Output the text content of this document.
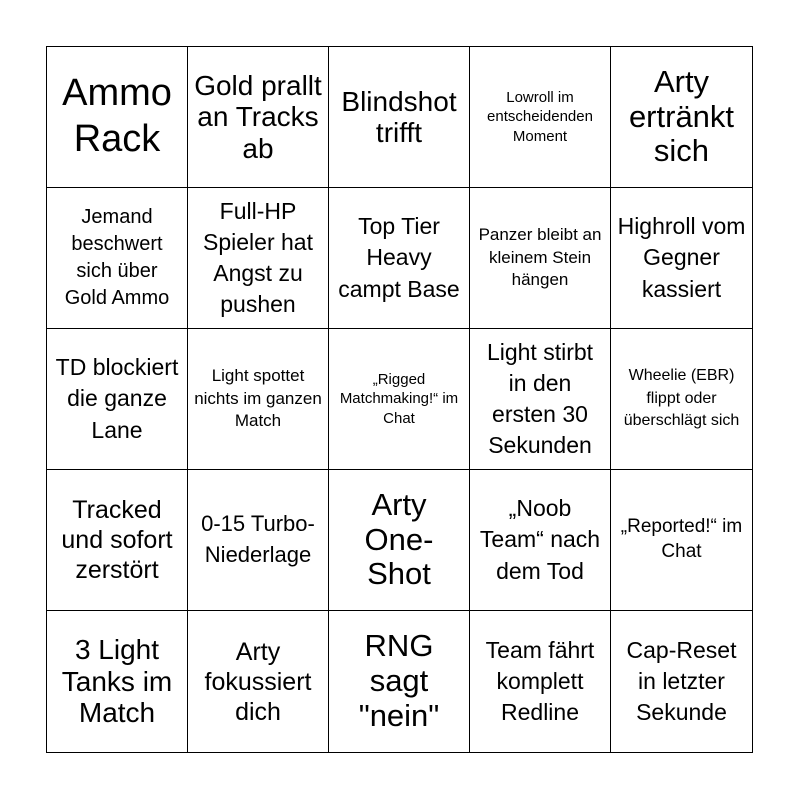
Ammo Rack
Gold prallt an Tracks ab
Blindshot trifft
Lowroll im entscheidenden Moment
Arty ertränkt sich
Jemand beschwert sich über Gold Ammo
Full-HP Spieler hat Angst zu pushen
Top Tier Heavy campt Base
Panzer bleibt an kleinem Stein hängen
Highroll vom Gegner kassiert
TD blockiert die ganze Lane
Light spottet nichts im ganzen Match
„Rigged Matchmaking!“ im Chat
Light stirbt in den ersten 30 Sekunden
Wheelie (EBR) flippt oder überschlägt sich
Tracked und sofort zerstört
0-15 Turbo-Niederlage
Arty One-Shot
„Noob Team“ nach dem Tod
„Reported!“ im Chat
3 Light Tanks im Match
Arty fokussiert dich
RNG sagt "nein"
Team fährt komplett Redline
Cap-Reset in letzter Sekunde
